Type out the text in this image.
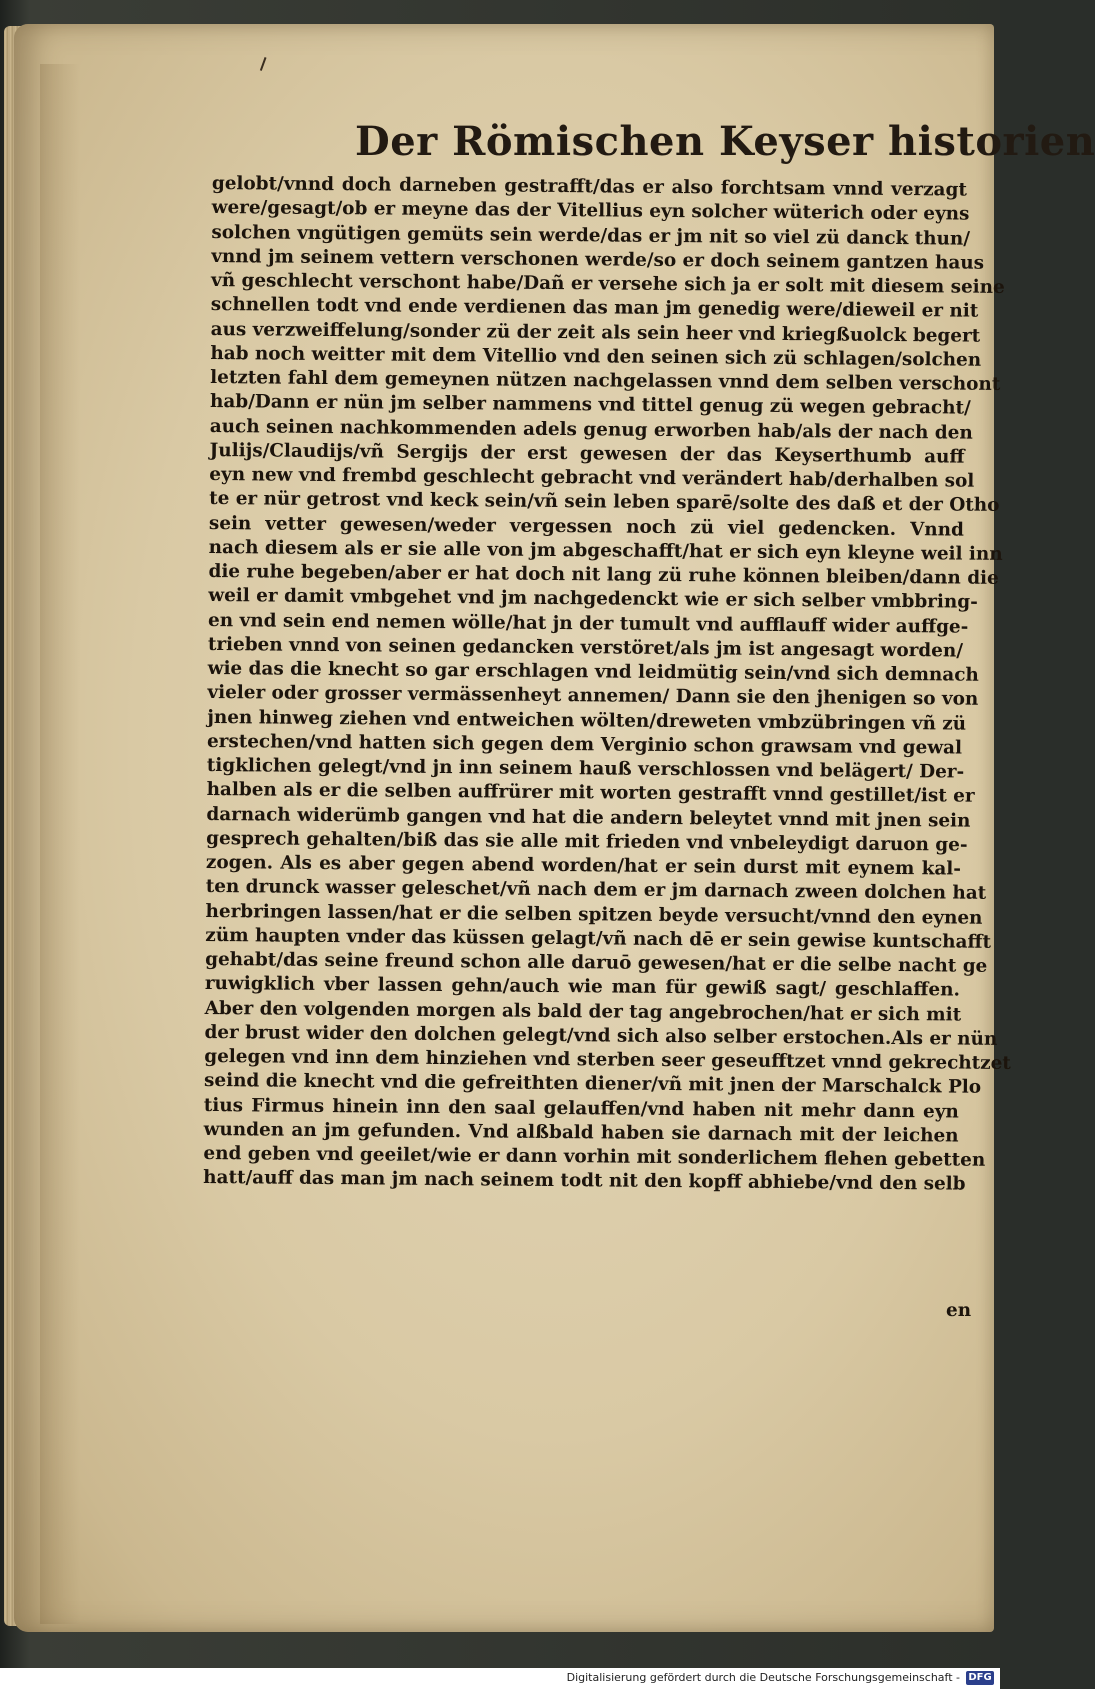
Der Römischen Keyser historien
gelobt/vnnd doch darneben gestrafft/das er also forchtsam vnnd verzagt
were/gesagt/ob er meyne das der Vitellius eyn solcher wüterich oder eyns
solchen vngütigen gemüts sein werde/das er jm nit so viel zü danck thun/
vnnd jm seinem vettern verschonen werde/so er doch seinem gantzen haus
vñ geschlecht verschont habe/Dañ er versehe sich ja er solt mit diesem seine
schnellen todt vnd ende verdienen das man jm genedig were/dieweil er nit
aus verzweiffelung/sonder zü der zeit als sein heer vnd kriegßuolck begert
hab noch weitter mit dem Vitellio vnd den seinen sich zü schlagen/solchen
letzten fahl dem gemeynen nützen nachgelassen vnnd dem selben verschont
hab/Dann er nün jm selber nammens vnd tittel genug zü wegen gebracht/
auch seinen nachkommenden adels genug erworben hab/als der nach den
Julijs/Claudijs/vñ Sergijs der erst gewesen der das Keyserthumb auff
eyn new vnd frembd geschlecht gebracht vnd verändert hab/derhalben sol
te er nür getrost vnd keck sein/vñ sein leben sparē/solte des daß et der Otho
sein vetter gewesen/weder vergessen noch zü viel gedencken. Vnnd
nach diesem als er sie alle von jm abgeschafft/hat er sich eyn kleyne weil inn
die ruhe begeben/aber er hat doch nit lang zü ruhe können bleiben/dann die
weil er damit vmbgehet vnd jm nachgedenckt wie er sich selber vmbbring-
en vnd sein end nemen wölle/hat jn der tumult vnd aufflauff wider auffge-
trieben vnnd von seinen gedancken verstöret/als jm ist angesagt worden/
wie das die knecht so gar erschlagen vnd leidmütig sein/vnd sich demnach
vieler oder grosser vermässenheyt annemen/ Dann sie den jhenigen so von
jnen hinweg ziehen vnd entweichen wölten/dreweten vmbzübringen vñ zü
erstechen/vnd hatten sich gegen dem Verginio schon grawsam vnd gewal
tigklichen gelegt/vnd jn inn seinem hauß verschlossen vnd belägert/ Der-
halben als er die selben auffrürer mit worten gestrafft vnnd gestillet/ist er
darnach widerümb gangen vnd hat die andern beleytet vnnd mit jnen sein
gesprech gehalten/biß das sie alle mit frieden vnd vnbeleydigt daruon ge-
zogen. Als es aber gegen abend worden/hat er sein durst mit eynem kal-
ten drunck wasser geleschet/vñ nach dem er jm darnach zween dolchen hat
herbringen lassen/hat er die selben spitzen beyde versucht/vnnd den eynen
züm haupten vnder das küssen gelagt/vñ nach dē er sein gewise kuntschafft
gehabt/das seine freund schon alle daruō gewesen/hat er die selbe nacht ge
ruwigklich vber lassen gehn/auch wie man für gewiß sagt/ geschlaffen.
Aber den volgenden morgen als bald der tag angebrochen/hat er sich mit
der brust wider den dolchen gelegt/vnd sich also selber erstochen.Als er nün
gelegen vnd inn dem hinziehen vnd sterben seer geseufftzet vnnd gekrechtzet
seind die knecht vnd die gefreithten diener/vñ mit jnen der Marschalck Plo
tius Firmus hinein inn den saal gelauffen/vnd haben nit mehr dann eyn
wunden an jm gefunden. Vnd alßbald haben sie darnach mit der leichen
end geben vnd geeilet/wie er dann vorhin mit sonderlichem flehen gebetten
hatt/auff das man jm nach seinem todt nit den kopff abhiebe/vnd den selb
en
Digitalisierung gefördert durch die Deutsche Forschungsgemeinschaft - DFG
